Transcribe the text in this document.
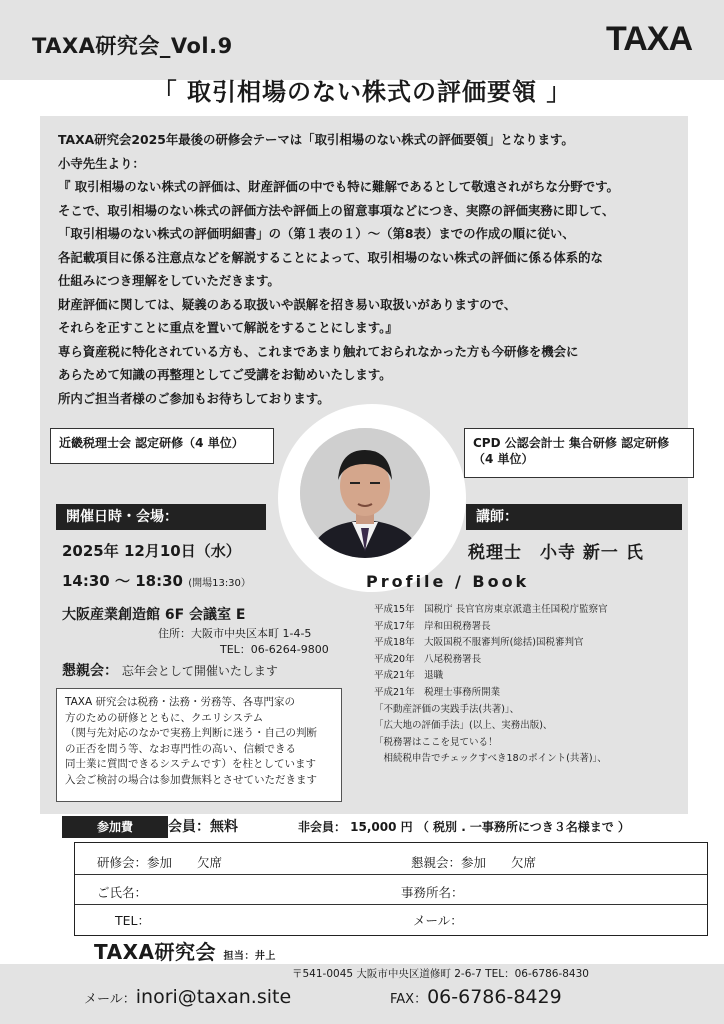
TAXA研究会_Vol.9	TAXA
「 取引相場のない株式の評価要領 」

TAXA研究会2025年最後の研修会テーマは「取引相場のない株式の評価要領」となります。

小寺先生より：

『 取引相場のない株式の評価は、財産評価の中でも特に難解であるとして敬遠されがちな分野です。

そこで、取引相場のない株式の評価方法や評価上の留意事項などにつき、実際の評価実務に即して、

「取引相場のない株式の評価明細書」の（第１表の１）～（第8表）までの作成の順に従い、

各記載項目に係る注意点などを解説することによって、取引相場のない株式の評価に係る体系的な

仕組みにつき理解をしていただきます。

財産評価に関しては、疑義のある取扱いや誤解を招き易い取扱いがありますので、

それらを正すことに重点を置いて解説をすることにします。』

専ら資産税に特化されている方も、これまであまり触れておられなかった方も今研修を機会に

あらためて知識の再整理としてご受講をお勧めいたします。

所内ご担当者様のご参加もお待ちしております。

近畿税理士会 認定研修（4 単位）	CPD 公認会計士 集合研修 認定研修
（4 単位）
開催日時・会場：
2025年 12月10日（水）
14:30 ～ 18:30 (開場13:30）
大阪産業創造館 6F 会議室 E
住所：大阪市中央区本町 1-4-5
TEL：06-6264-9800
懇親会： 忘年会として開催いたします
TAXA 研究会は税務・法務・労務等、各専門家の
方のための研修とともに、クエリシステム
（関与先対応のなかで実務上判断に迷う・自己の判断
の正否を問う等、なお専門性の高い、信頼できる
同士業に質問できるシステムです）を柱としています
入会ご検討の場合は参加費無料とさせていただきます
講師：
税理士　小寺 新一 氏
Profile / Book
平成15年　国税庁 長官官房東京派遣主任国税庁監察官
平成17年　岸和田税務署長
平成18年　大阪国税不服審判所(総括)国税審判官
平成20年　八尾税務署長
平成21年　退職
平成21年　税理士事務所開業
「不動産評価の実践手法(共著)」、
「広大地の評価手法」(以上、実務出版)、
「税務署はここを見ている！
　相続税申告でチェックすべき18のポイント(共著)」、
参加費	会員：無料	非会員： 15,000 円 （ 税別 . 一事務所につき３名様まで ）
研修会：参加　　欠席	懇親会：参加　　欠席
ご氏名：	事務所名：
TEL：	メール：
TAXA研究会 担当：井上
〒541-0045 大阪市中央区道修町 2-6-7 TEL：06-6786-8430
メール：inori@taxan.site	FAX：06-6786-8429
